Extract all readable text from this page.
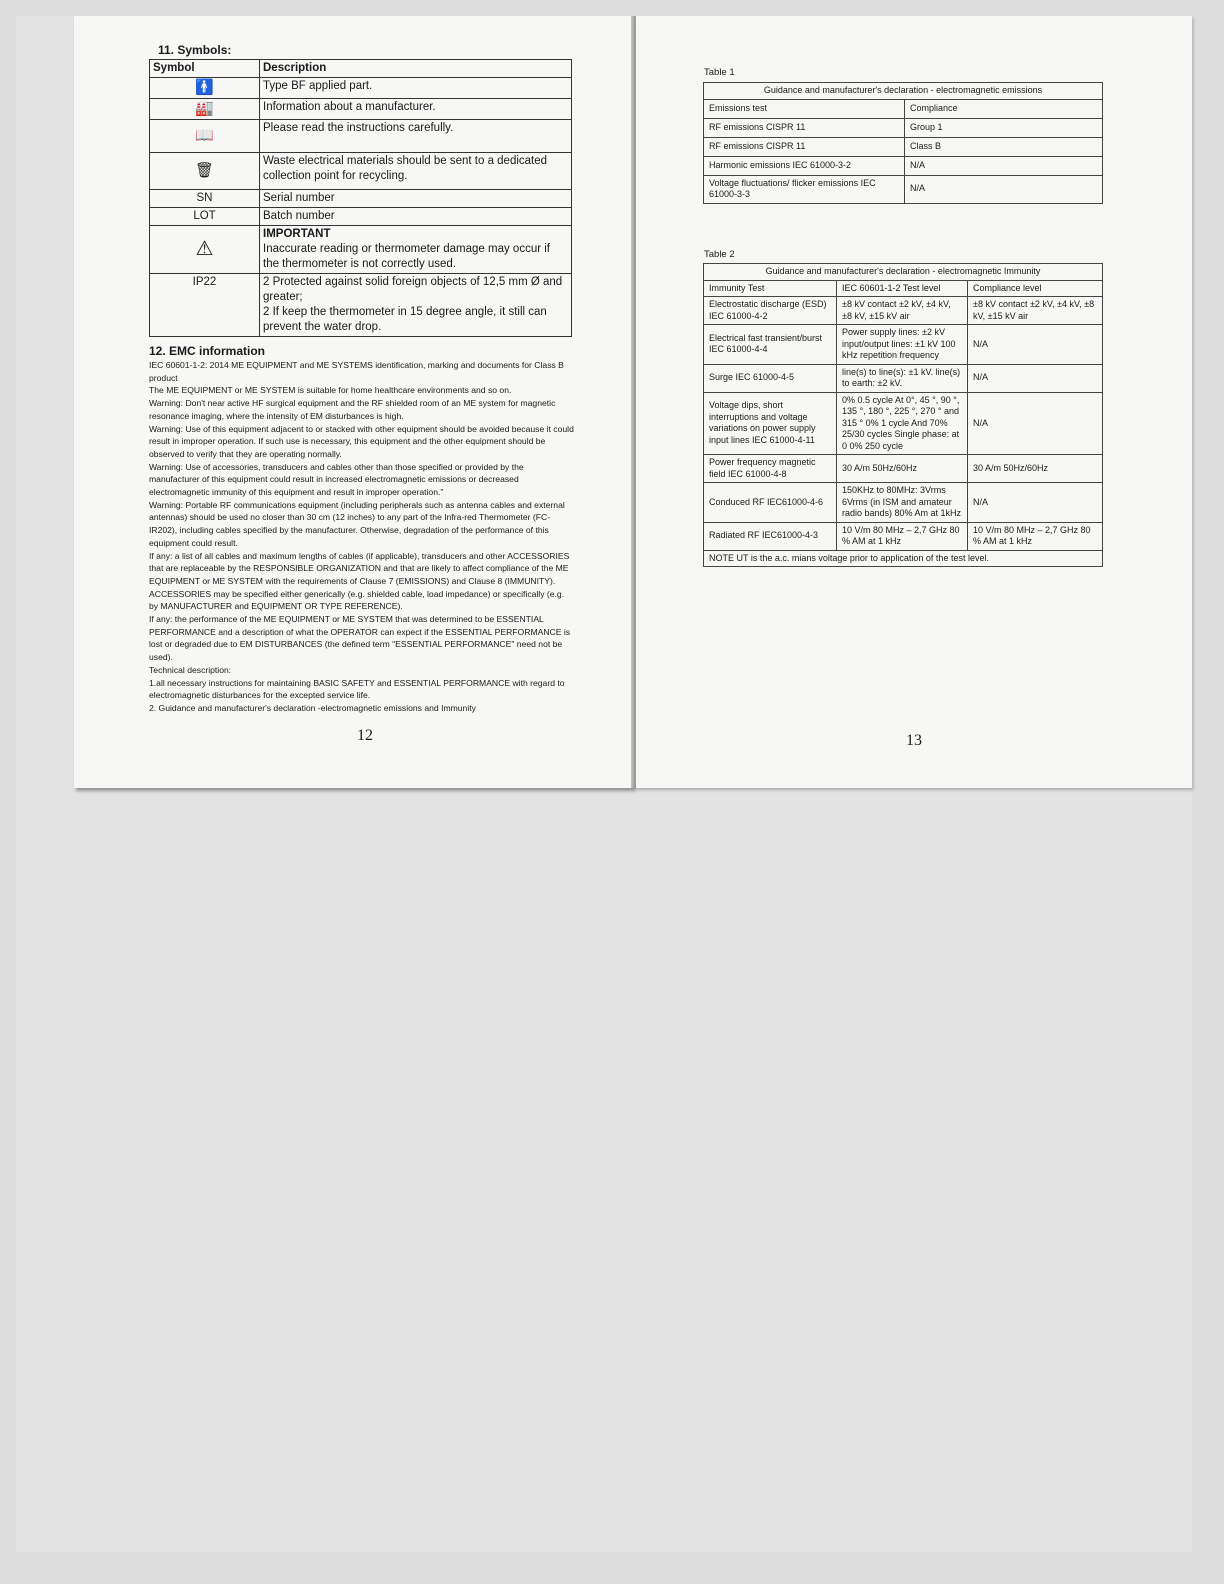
11. Symbols:
Symbol	Description
🚹	Type BF applied part.
🏭	Information about a manufacturer.
📖	Please read the instructions carefully.
🗑	Waste electrical materials should be sent to a dedicated collection point for recycling.
SN	Serial number
LOT	Batch number
⚠	IMPORTANT
Inaccurate reading or thermometer damage may occur if the thermometer is not correctly used.

IP22	2 Protected against solid foreign objects of 12,5 mm Ø and greater;
2 If keep the thermometer in 15 degree angle, it still can prevent the water drop.
12. EMC information

IEC 60601-1-2: 2014 ME EQUIPMENT and ME SYSTEMS identification, marking and documents for Class B product

The ME EQUIPMENT or ME SYSTEM is suitable for home healthcare environments and so on.

Warning: Don't near active HF surgical equipment and the RF shielded room of an ME system for magnetic resonance imaging, where the intensity of EM disturbances is high.

Warning: Use of this equipment adjacent to or stacked with other equipment should be avoided because it could result in improper operation. If such use is necessary, this equipment and the other equipment should be observed to verify that they are operating normally.

Warning: Use of accessories, transducers and cables other than those specified or provided by the manufacturer of this equipment could result in increased electromagnetic emissions or decreased electromagnetic immunity of this equipment and result in improper operation."

Warning: Portable RF communications equipment (including peripherals such as antenna cables and external antennas) should be used no closer than 30 cm (12 inches) to any part of the Infra-red Thermometer (FC-IR202), including cables specified by the manufacturer. Otherwise, degradation of the performance of this equipment could result.

If any: a list of all cables and maximum lengths of cables (if applicable), transducers and other ACCESSORIES that are replaceable by the RESPONSIBLE ORGANIZATION and that are likely to affect compliance of the ME EQUIPMENT or ME SYSTEM with the requirements of Clause 7 (EMISSIONS) and Clause 8 (IMMUNITY). ACCESSORIES may be specified either generically (e.g. shielded cable, load impedance) or specifically (e.g. by MANUFACTURER and EQUIPMENT OR TYPE REFERENCE).

If any: the performance of the ME EQUIPMENT or ME SYSTEM that was determined to be ESSENTIAL PERFORMANCE and a description of what the OPERATOR can expect if the ESSENTIAL PERFORMANCE is lost or degraded due to EM DISTURBANCES (the defined term "ESSENTIAL PERFORMANCE" need not be used).

Technical description:

1.all necessary instructions for maintaining BASIC SAFETY and ESSENTIAL PERFORMANCE with regard to electromagnetic disturbances for the excepted service life.

2. Guidance and manufacturer's declaration -electromagnetic emissions and Immunity

12
Table 1
Guidance and manufacturer's declaration - electromagnetic emissions	
Emissions test	Compliance
RF emissions CISPR 11	Group 1
RF emissions CISPR 11	Class B
Harmonic emissions IEC 61000-3-2	N/A
Voltage fluctuations/ flicker emissions IEC 61000-3-3	N/A
Table 2
Guidance and manufacturer's declaration - electromagnetic Immunity		
Immunity Test	IEC 60601-1-2 Test level	Compliance level
Electrostatic discharge (ESD) IEC 61000-4-2	±8 kV contact ±2 kV, ±4 kV, ±8 kV, ±15 kV air	±8 kV contact ±2 kV, ±4 kV, ±8 kV, ±15 kV air
Electrical fast transient/burst IEC 61000-4-4	Power supply lines: ±2 kV input/output lines: ±1 kV 100 kHz repetition frequency	N/A
Surge IEC 61000-4-5	line(s) to line(s): ±1 kV. line(s) to earth: ±2 kV.	N/A
Voltage dips, short interruptions and voltage variations on power supply input lines IEC 61000-4-11	0% 0.5 cycle At 0°, 45 °, 90 °, 135 °, 180 °, 225 °, 270 ° and 315 ° 0% 1 cycle And 70% 25/30 cycles Single phase: at 0 0% 250 cycle	N/A
Power frequency magnetic field IEC 61000-4-8	30 A/m 50Hz/60Hz	30 A/m 50Hz/60Hz
Conduced RF IEC61000-4-6	150KHz to 80MHz: 3Vrms 6Vrms (in ISM and amateur radio bands) 80% Am at 1kHz	N/A
Radiated RF IEC61000-4-3	10 V/m 80 MHz – 2,7 GHz 80 % AM at 1 kHz	10 V/m 80 MHz – 2,7 GHz 80 % AM at 1 kHz
NOTE UT is the a.c. mians voltage prior to application of the test level.		
13
